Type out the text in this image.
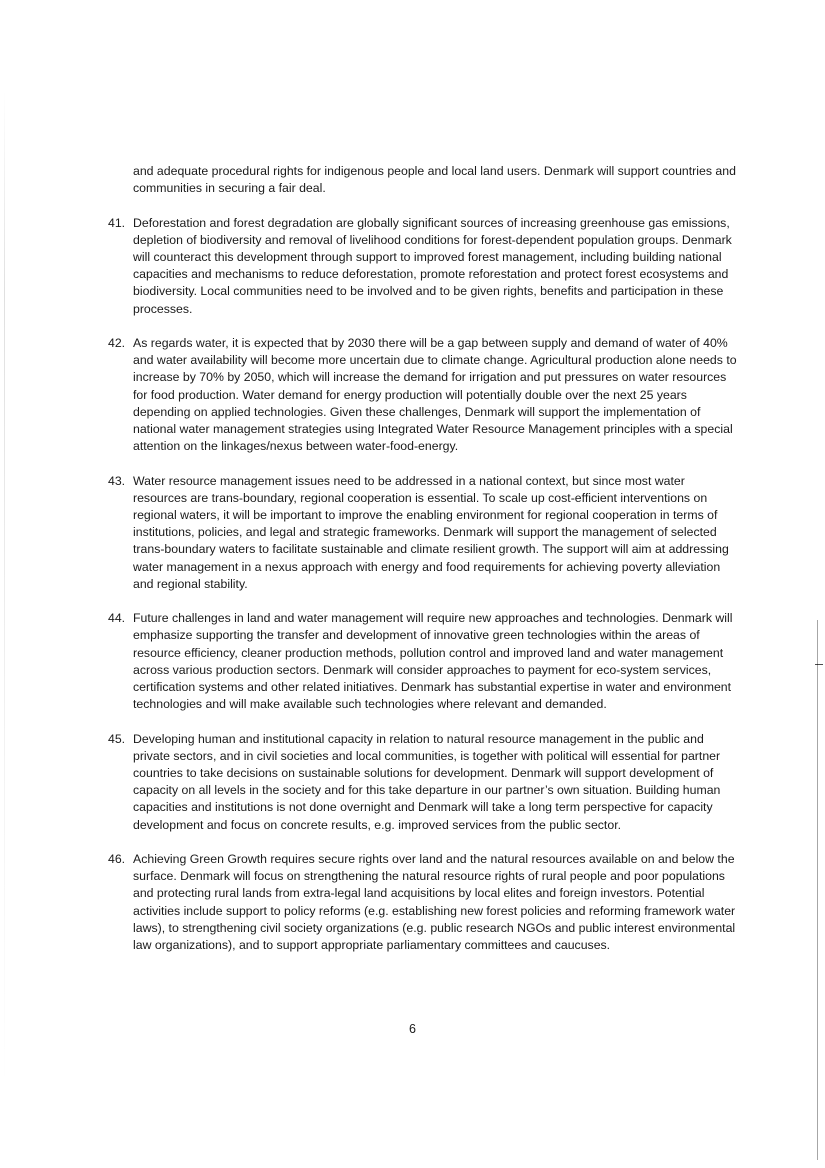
and adequate procedural rights for indigenous people and local land users. Denmark will support countries and communities in securing a fair deal.

41. Deforestation and forest degradation are globally significant sources of increasing greenhouse gas emissions, depletion of biodiversity and removal of livelihood conditions for forest-dependent population groups. Denmark will counteract this development through support to improved forest management, including building national capacities and mechanisms to reduce deforestation, promote reforestation and protect forest ecosystems and biodiversity. Local communities need to be involved and to be given rights, benefits and participation in these processes.

42. As regards water, it is expected that by 2030 there will be a gap between supply and demand of water of 40% and water availability will become more uncertain due to climate change. Agricultural production alone needs to increase by 70% by 2050, which will increase the demand for irrigation and put pressures on water resources for food production. Water demand for energy production will potentially double over the next 25 years depending on applied technologies. Given these challenges, Denmark will support the implementation of national water management strategies using Integrated Water Resource Management principles with a special attention on the linkages/nexus between water-food-energy.

43. Water resource management issues need to be addressed in a national context, but since most water resources are trans-boundary, regional cooperation is essential. To scale up cost-efficient interventions on regional waters, it will be important to improve the enabling environment for regional cooperation in terms of institutions, policies, and legal and strategic frameworks. Denmark will support the management of selected trans-boundary waters to facilitate sustainable and climate resilient growth. The support will aim at addressing water management in a nexus approach with energy and food requirements for achieving poverty alleviation and regional stability.

44. Future challenges in land and water management will require new approaches and technologies. Denmark will emphasize supporting the transfer and development of innovative green technologies within the areas of resource efficiency, cleaner production methods, pollution control and improved land and water management across various production sectors. Denmark will consider approaches to payment for eco-system services, certification systems and other related initiatives. Denmark has substantial expertise in water and environment technologies and will make available such technologies where relevant and demanded.

45. Developing human and institutional capacity in relation to natural resource management in the public and private sectors, and in civil societies and local communities, is together with political will essential for partner countries to take decisions on sustainable solutions for development. Denmark will support development of capacity on all levels in the society and for this take departure in our partner’s own situation. Building human capacities and institutions is not done overnight and Denmark will take a long term perspective for capacity development and focus on concrete results, e.g. improved services from the public sector.

46. Achieving Green Growth requires secure rights over land and the natural resources available on and below the surface. Denmark will focus on strengthening the natural resource rights of rural people and poor populations and protecting rural lands from extra-legal land acquisitions by local elites and foreign investors. Potential activities include support to policy reforms (e.g. establishing new forest policies and reforming framework water laws), to strengthening civil society organizations (e.g. public research NGOs and public interest environmental law organizations), and to support appropriate parliamentary committees and caucuses.

6
